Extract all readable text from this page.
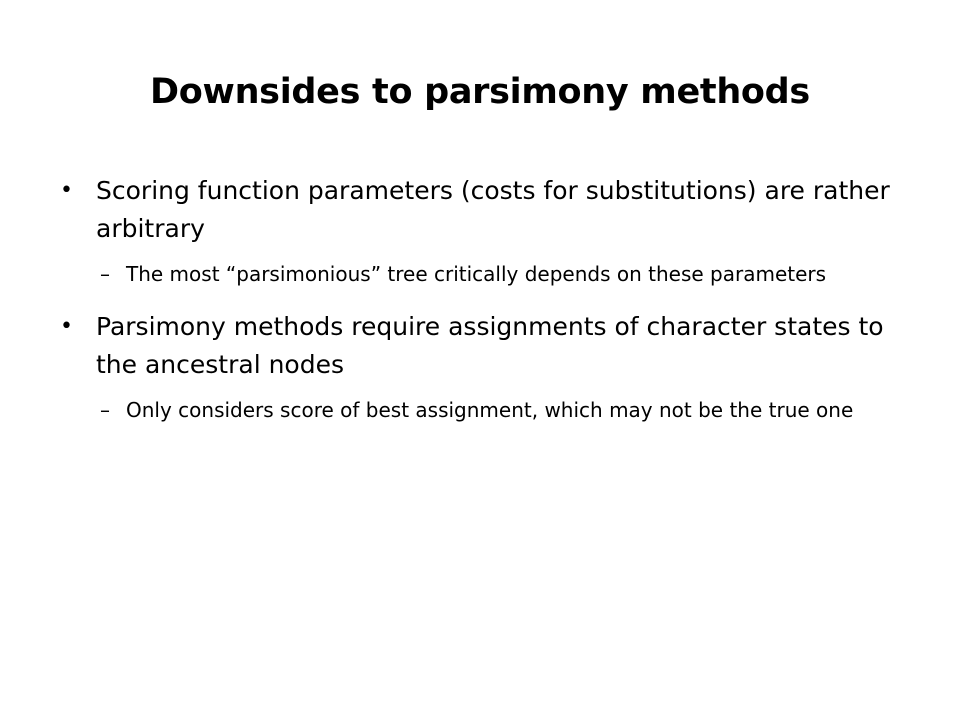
Downsides to parsimony methods
• Scoring function parameters (costs for substitutions) are rather arbitrary
– The most “parsimonious” tree critically depends on these parameters
• Parsimony methods require assignments of character states to the ancestral nodes
– Only considers score of best assignment, which may not be the true one
